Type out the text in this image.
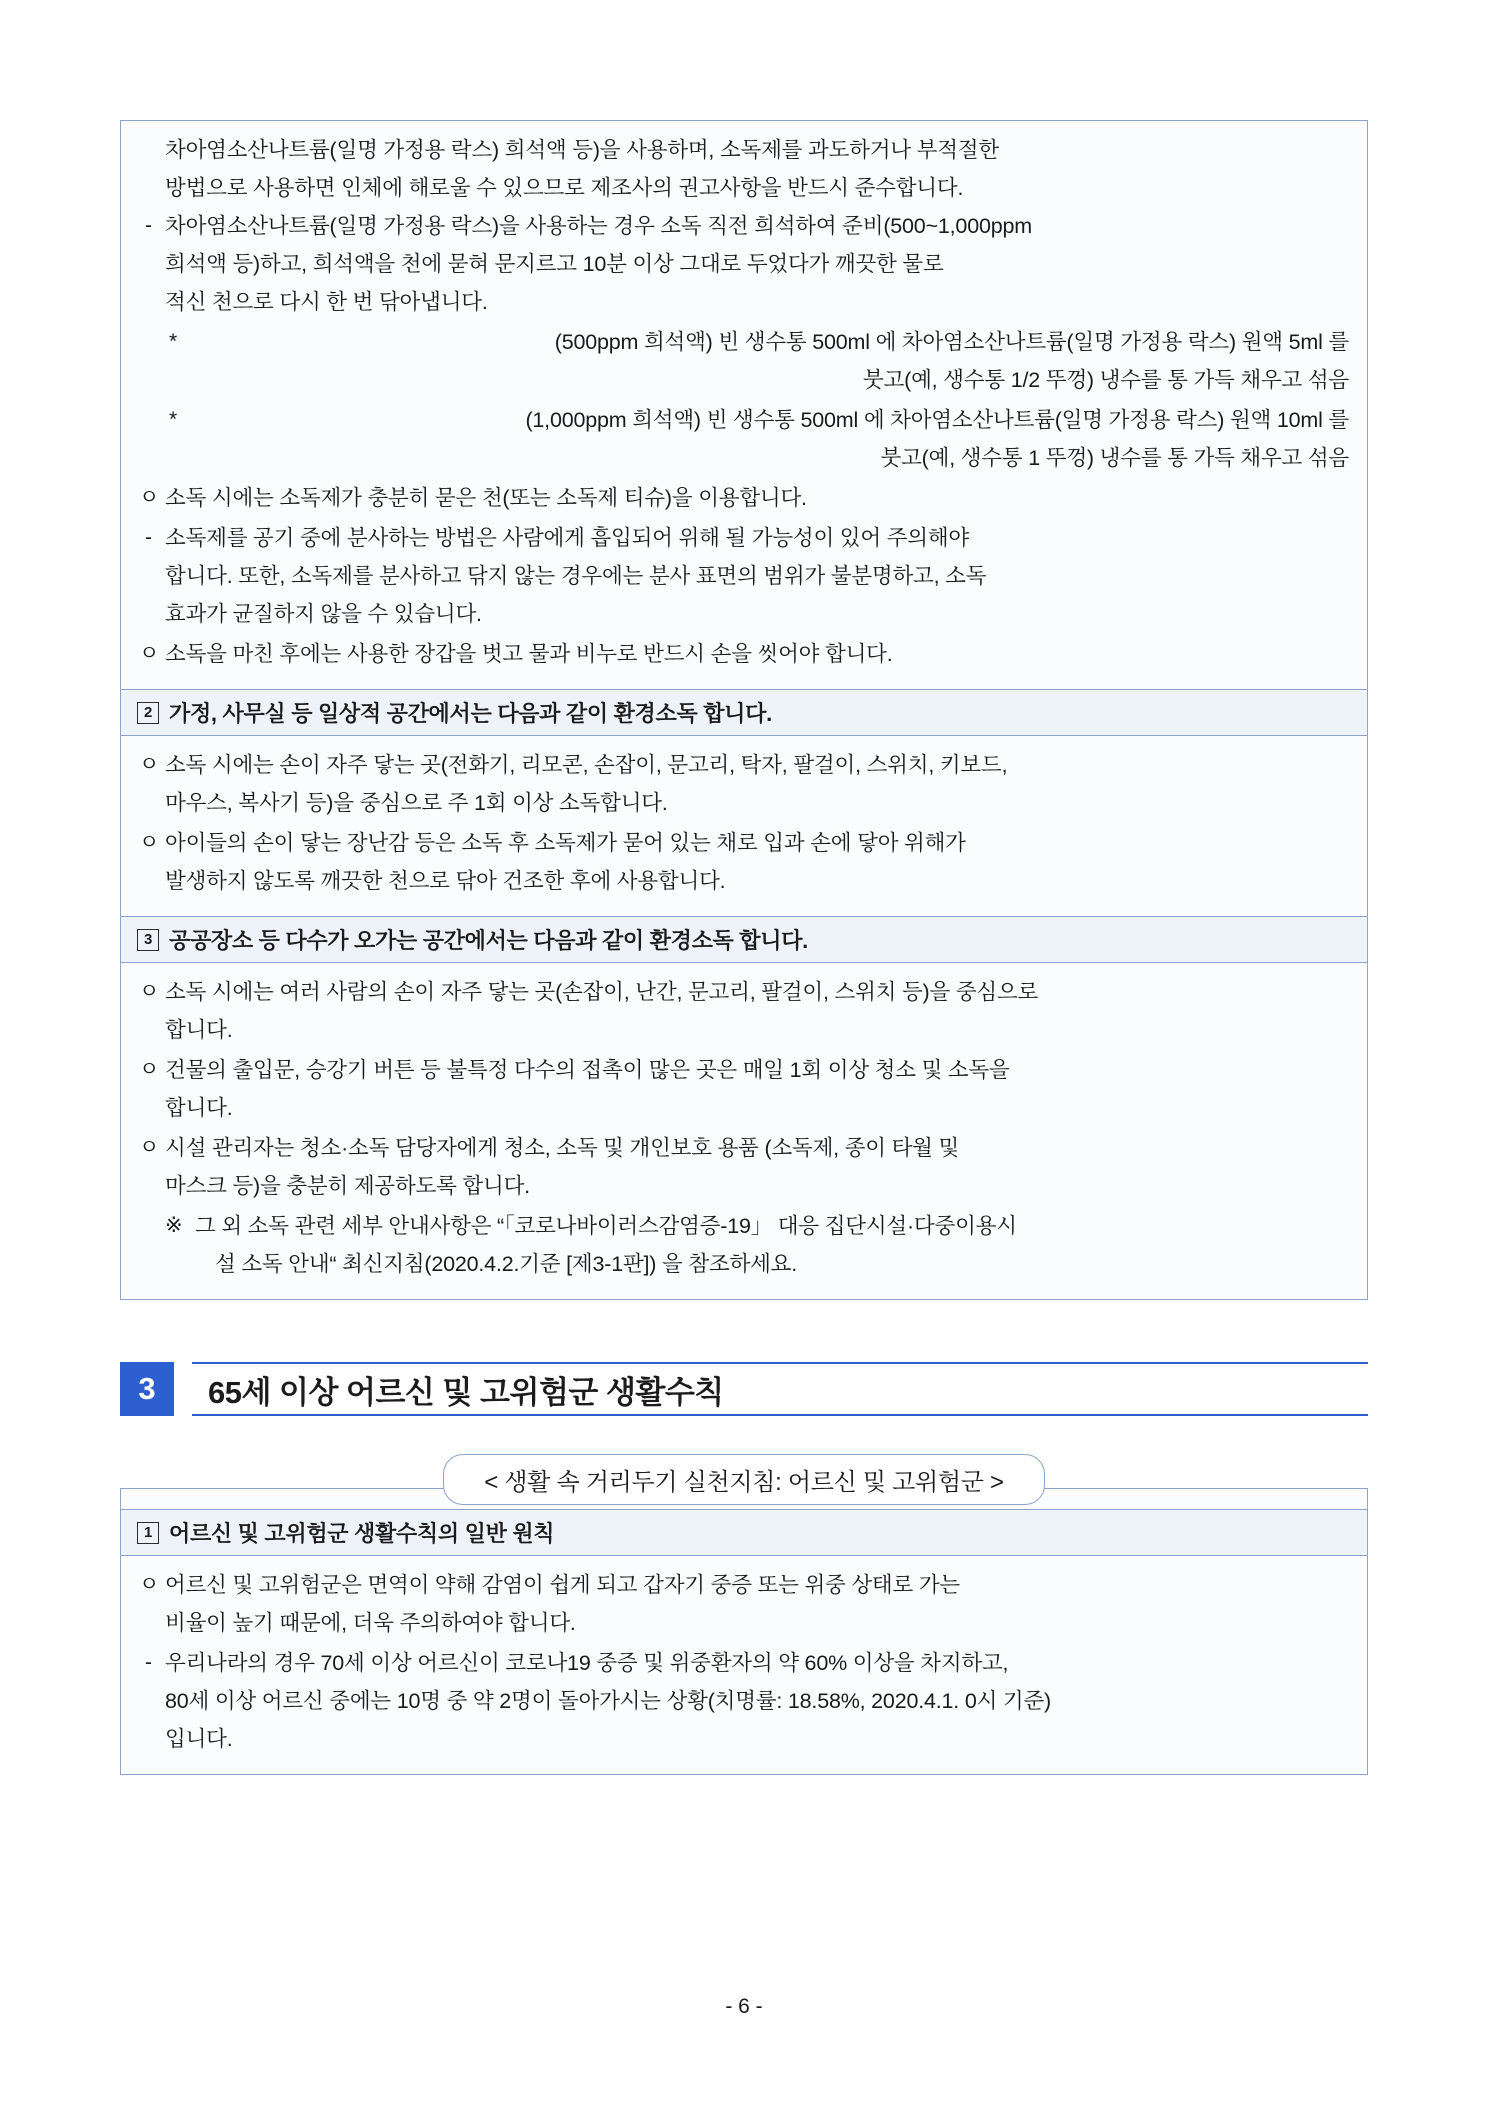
차아염소산나트륨(일명 가정용 락스) 희석액 등)을 사용하며, 소독제를 과도하거나 부적절한
방법으로 사용하면 인체에 해로울 수 있으므로 제조사의 권고사항을 반드시 준수합니다.
- 차아염소산나트륨(일명 가정용 락스)을 사용하는 경우 소독 직전 희석하여 준비(500~1,000ppm
희석액 등)하고, 희석액을 천에 묻혀 문지르고 10분 이상 그대로 두었다가 깨끗한 물로
적신 천으로 다시 한 번 닦아냅니다.
*	(500ppm 희석액) 빈 생수통 500ml 에 차아염소산나트륨(일명 가정용 락스) 원액 5ml 를
붓고(예, 생수통 1/2 뚜껑) 냉수를 통 가득 채우고 섞음
*	(1,000ppm 희석액) 빈 생수통 500ml 에 차아염소산나트륨(일명 가정용 락스) 원액 10ml 를
붓고(예, 생수통 1 뚜껑) 냉수를 통 가득 채우고 섞음
ㅇ 소독 시에는 소독제가 충분히 묻은 천(또는 소독제 티슈)을 이용합니다.
- 소독제를 공기 중에 분사하는 방법은 사람에게 흡입되어 위해 될 가능성이 있어 주의해야
합니다. 또한, 소독제를 분사하고 닦지 않는 경우에는 분사 표면의 범위가 불분명하고, 소독
효과가 균질하지 않을 수 있습니다.
ㅇ 소독을 마친 후에는 사용한 장갑을 벗고 물과 비누로 반드시 손을 씻어야 합니다.
2 가정, 사무실 등 일상적 공간에서는 다음과 같이 환경소독 합니다.
ㅇ 소독 시에는 손이 자주 닿는 곳(전화기, 리모콘, 손잡이, 문고리, 탁자, 팔걸이, 스위치, 키보드,
마우스, 복사기 등)을 중심으로 주 1회 이상 소독합니다.
ㅇ 아이들의 손이 닿는 장난감 등은 소독 후 소독제가 묻어 있는 채로 입과 손에 닿아 위해가
발생하지 않도록 깨끗한 천으로 닦아 건조한 후에 사용합니다.
3 공공장소 등 다수가 오가는 공간에서는 다음과 같이 환경소독 합니다.
ㅇ 소독 시에는 여러 사람의 손이 자주 닿는 곳(손잡이, 난간, 문고리, 팔걸이, 스위치 등)을 중심으로
합니다.
ㅇ 건물의 출입문, 승강기 버튼 등 불특정 다수의 접촉이 많은 곳은 매일 1회 이상 청소 및 소독을
합니다.
ㅇ 시설 관리자는 청소·소독 담당자에게 청소, 소독 및 개인보호 용품 (소독제, 종이 타월 및
마스크 등)을 충분히 제공하도록 합니다.
※ 그 외 소독 관련 세부 안내사항은 “「코로나바이러스감염증-19」 대응 집단시설·다중이용시
설 소독 안내“ 최신지침(2020.4.2.기준 [제3-1판]) 을 참조하세요.
3	65세 이상 어르신 및 고위험군 생활수칙
< 생활 속 거리두기 실천지침: 어르신 및 고위험군 >
1 어르신 및 고위험군 생활수칙의 일반 원칙
ㅇ 어르신 및 고위험군은 면역이 약해 감염이 쉽게 되고 갑자기 중증 또는 위중 상태로 가는
비율이 높기 때문에, 더욱 주의하여야 합니다.
- 우리나라의 경우 70세 이상 어르신이 코로나19 중증 및 위중환자의 약 60% 이상을 차지하고,
80세 이상 어르신 중에는 10명 중 약 2명이 돌아가시는 상황(치명률: 18.58%, 2020.4.1. 0시 기준)
입니다.
- 6 -
